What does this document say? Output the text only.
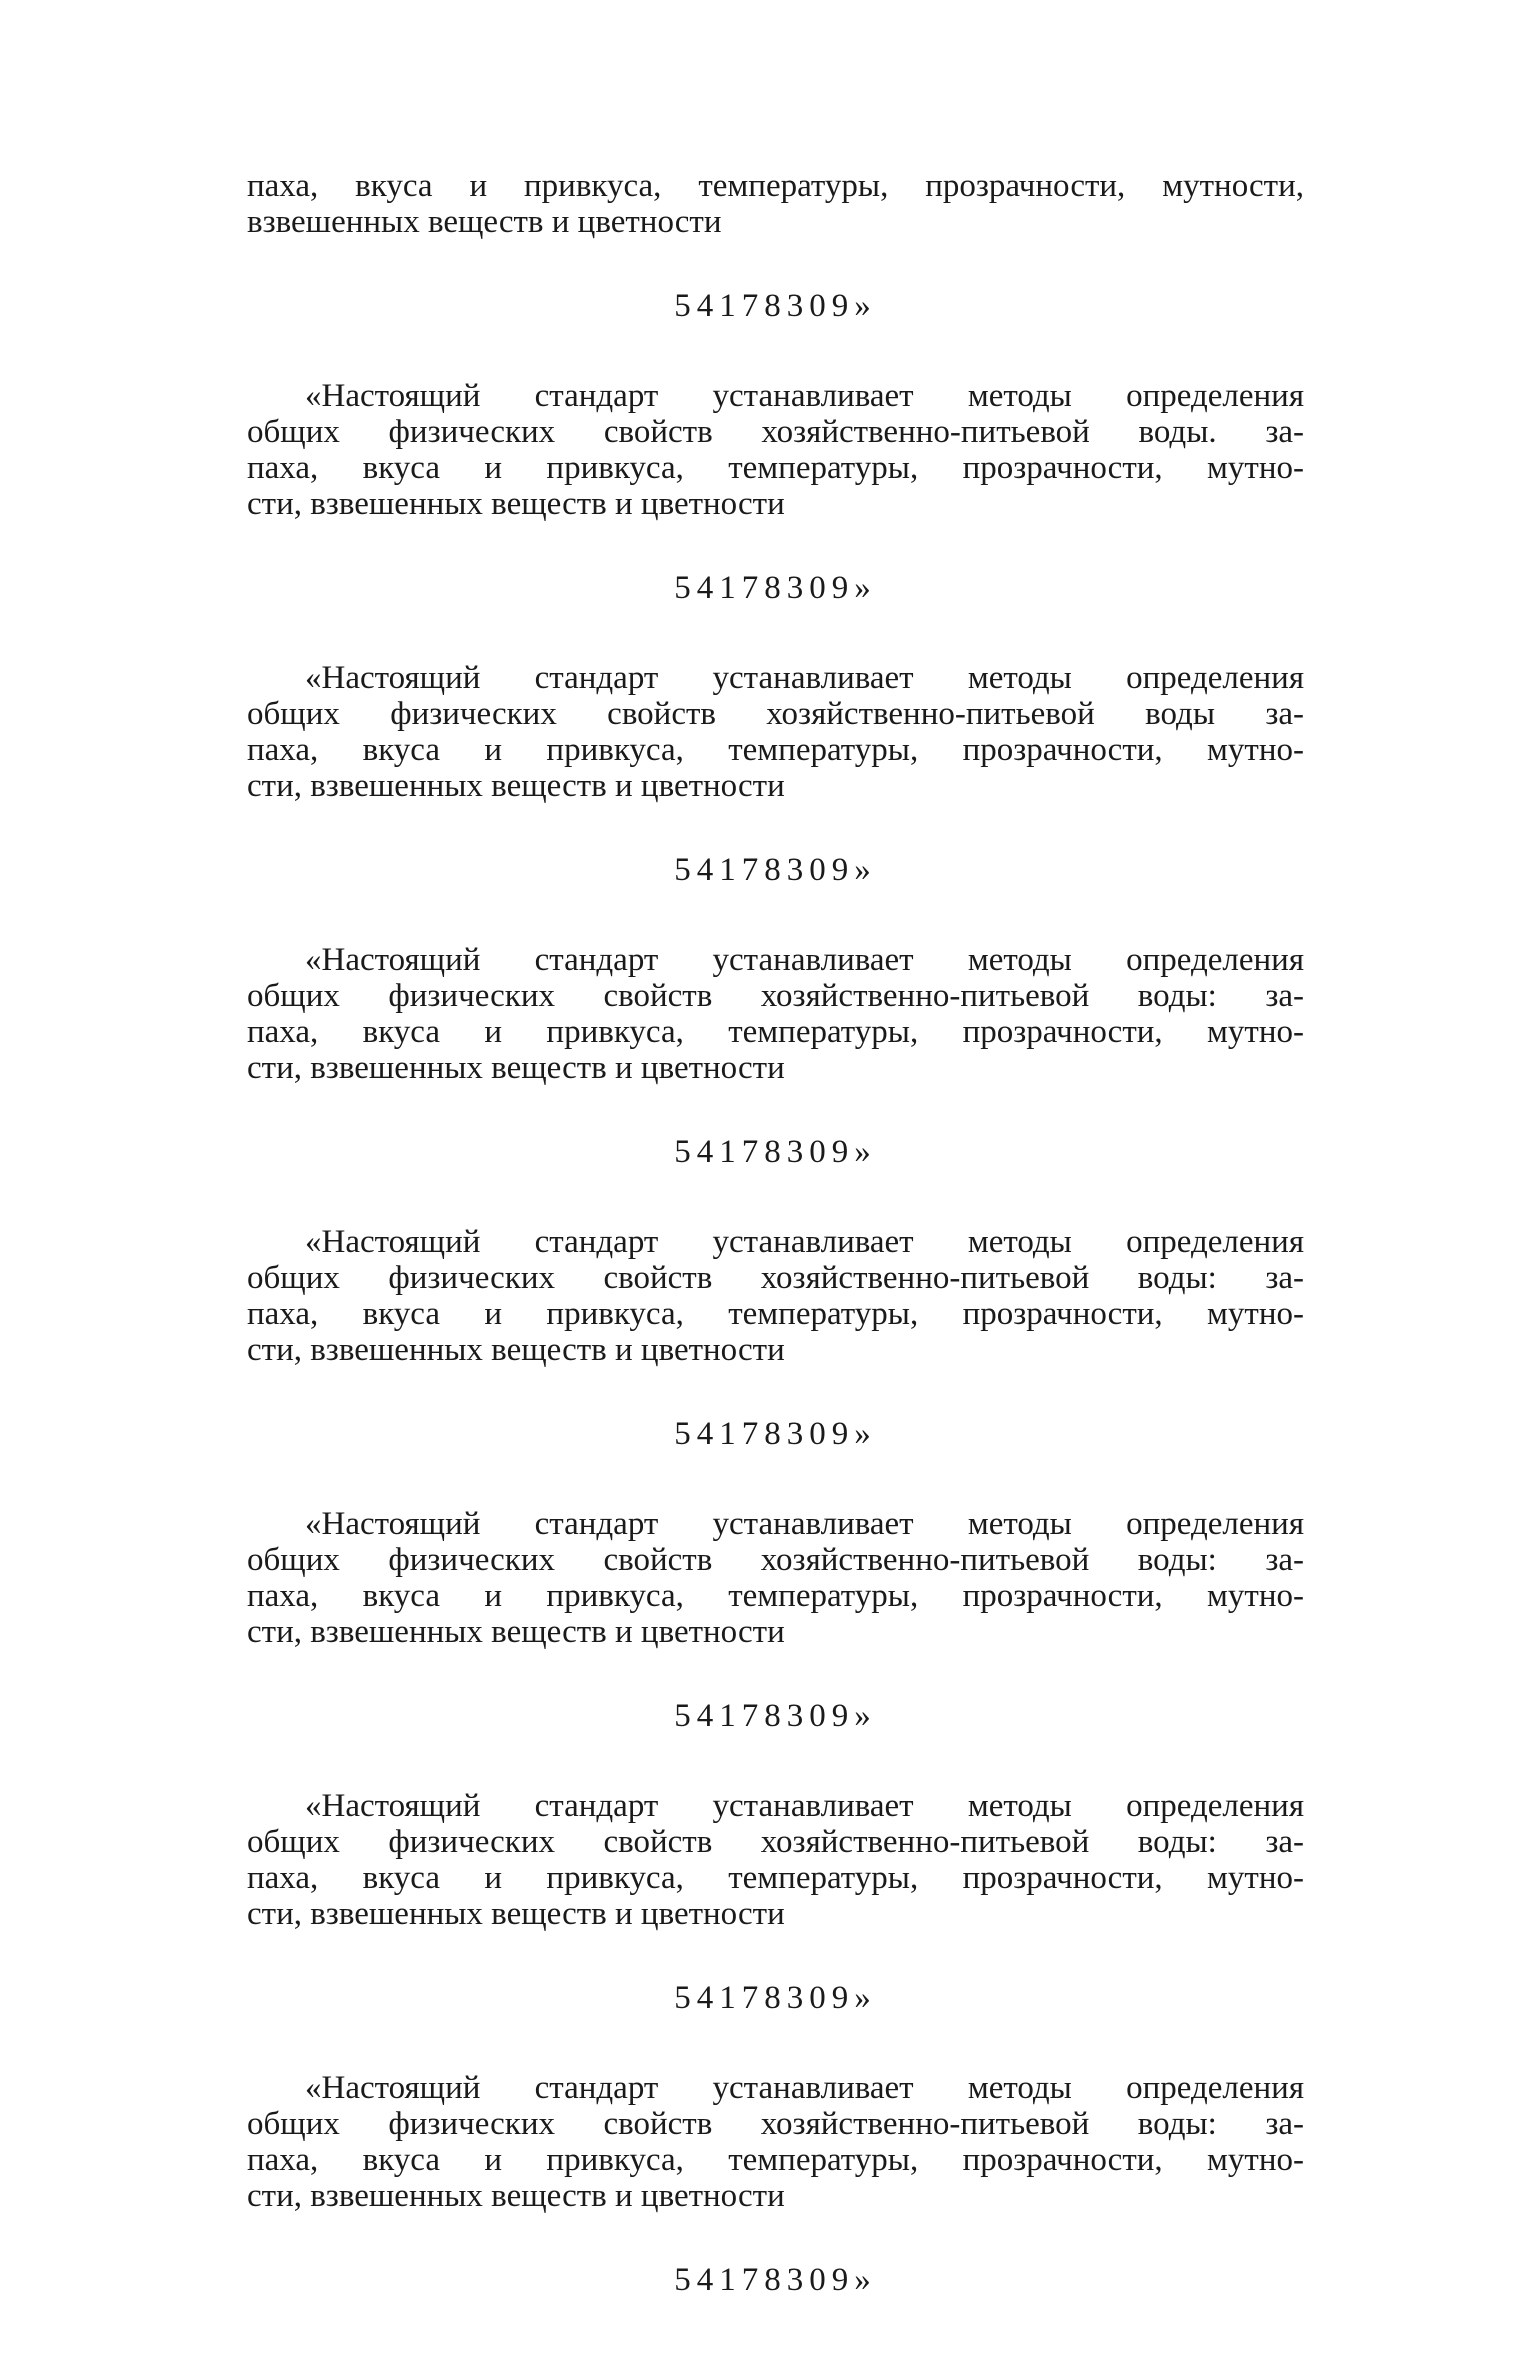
паха, вкуса и привкуса, температуры, прозрачности, мутности,
взвешенных веществ и цветности
54178309»
«Настоящий стандарт устанавливает методы определения
общих физических свойств хозяйственно-питьевой воды. за-
паха, вкуса и привкуса, температуры, прозрачности, мутно-
сти, взвешенных веществ и цветности
54178309»
«Настоящий стандарт устанавливает методы определения
общих физических свойств хозяйственно-питьевой воды за-
паха, вкуса и привкуса, температуры, прозрачности, мутно-
сти, взвешенных веществ и цветности
54178309»
«Настоящий стандарт устанавливает методы определения
общих физических свойств хозяйственно-питьевой воды: за-
паха, вкуса и привкуса, температуры, прозрачности, мутно-
сти, взвешенных веществ и цветности
54178309»
«Настоящий стандарт устанавливает методы определения
общих физических свойств хозяйственно-питьевой воды: за-
паха, вкуса и привкуса, температуры, прозрачности, мутно-
сти, взвешенных веществ и цветности
54178309»
«Настоящий стандарт устанавливает методы определения
общих физических свойств хозяйственно-питьевой воды: за-
паха, вкуса и привкуса, температуры, прозрачности, мутно-
сти, взвешенных веществ и цветности
54178309»
«Настоящий стандарт устанавливает методы определения
общих физических свойств хозяйственно-питьевой воды: за-
паха, вкуса и привкуса, температуры, прозрачности, мутно-
сти, взвешенных веществ и цветности
54178309»
«Настоящий стандарт устанавливает методы определения
общих физических свойств хозяйственно-питьевой воды: за-
паха, вкуса и привкуса, температуры, прозрачности, мутно-
сти, взвешенных веществ и цветности
54178309»
